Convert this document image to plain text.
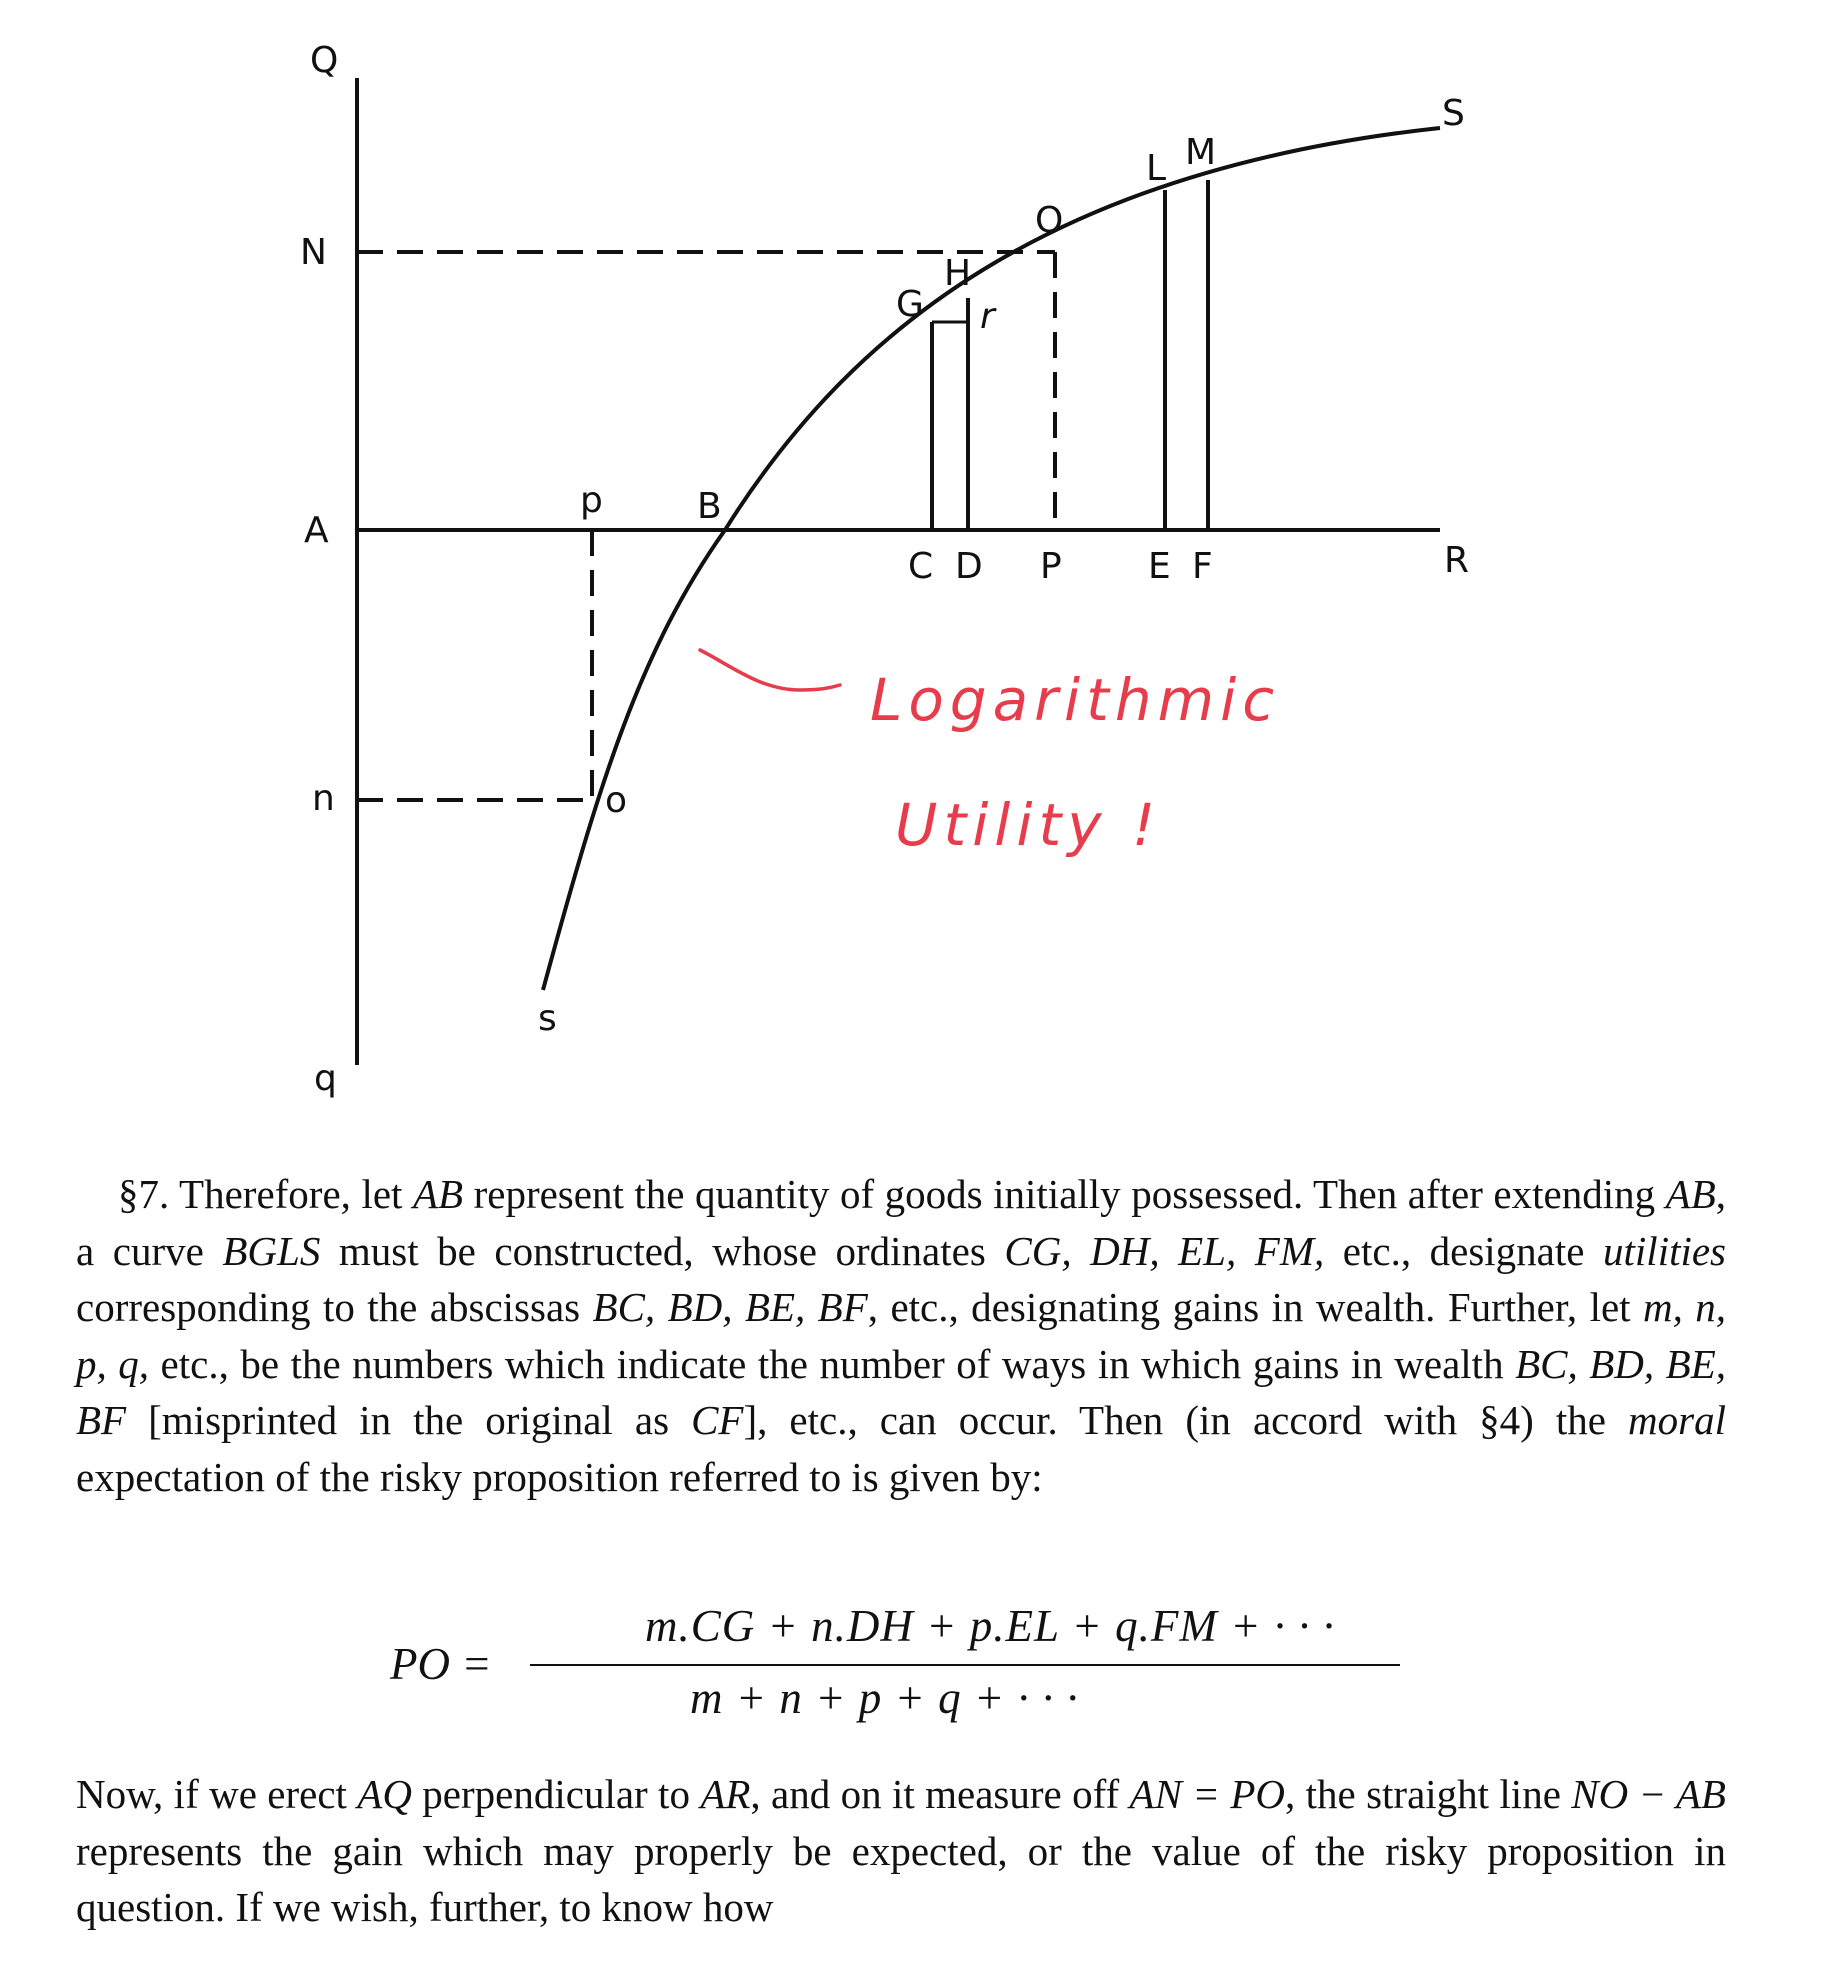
Q
N
A
n
q
p	B
G
H
r
O
L M
S
C D P E F	R
o
s
Logarithmic
Utility !

§7. Therefore, let AB represent the quantity of goods initially possessed. Then after extending AB, a curve BGLS must be constructed, whose ordinates CG, DH, EL, FM, etc., designate utilities corresponding to the abscissas BC, BD, BE, BF, etc., designating gains in wealth. Further, let m, n, p, q, etc., be the numbers which indicate the number of ways in which gains in wealth BC, BD, BE, BF [misprinted in the original as CF], etc., can occur. Then (in accord with §4) the moral expectation of the risky proposition referred to is given by:

PO =
m.CG + n.DH + p.EL + q.FM + · · ·
m + n + p + q + · · ·

Now, if we erect AQ perpendicular to AR, and on it measure off AN = PO, the straight line NO − AB represents the gain which may properly be expected, or the value of the risky proposition in question. If we wish, further, to know how
